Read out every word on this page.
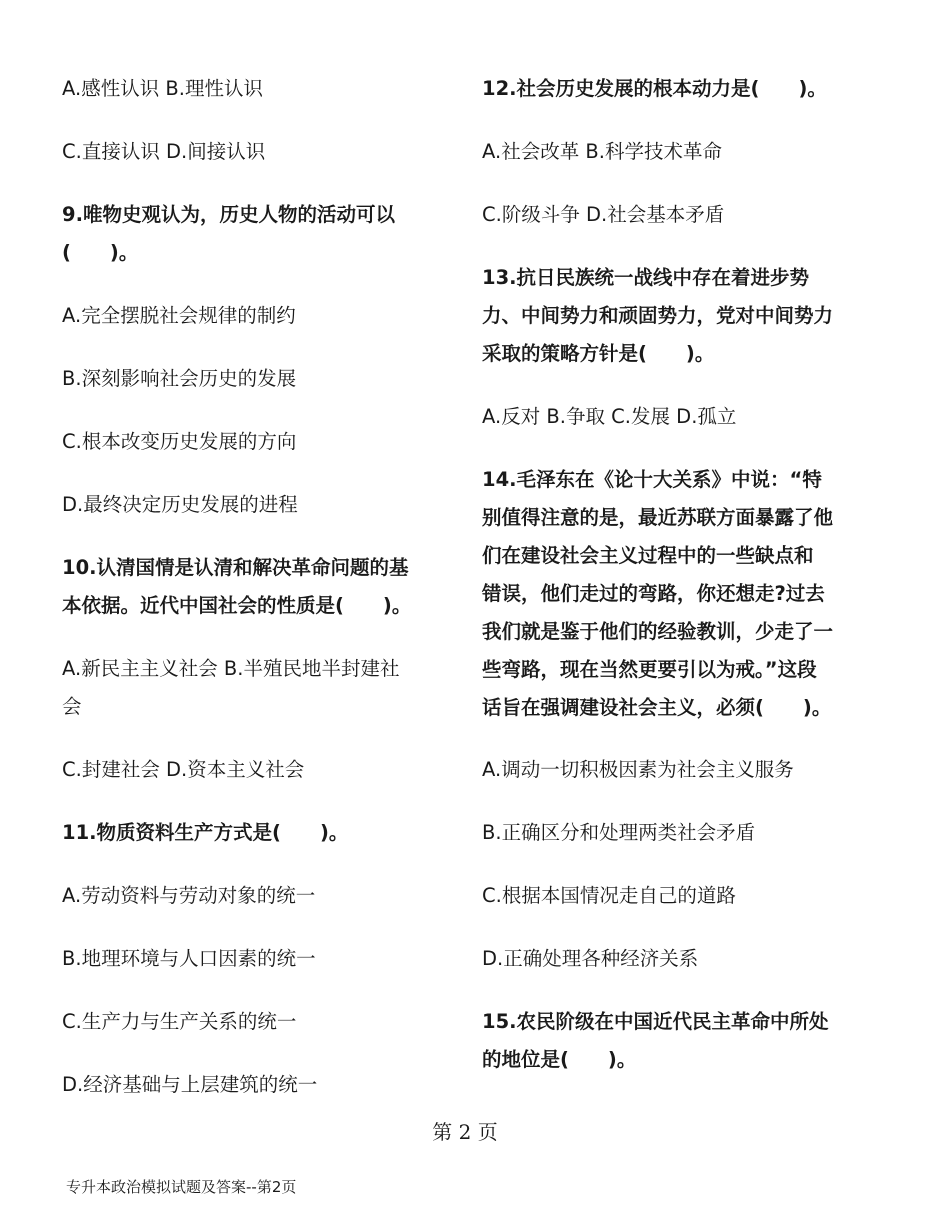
A.感性认识 B.理性认识
C.直接认识 D.间接认识
9.唯物史观认为，历史人物的活动可以
(　　)。
A.完全摆脱社会规律的制约
B.深刻影响社会历史的发展
C.根本改变历史发展的方向
D.最终决定历史发展的进程
10.认清国情是认清和解决革命问题的基
本依据。近代中国社会的性质是(　　)。
A.新民主主义社会 B.半殖民地半封建社
会
C.封建社会 D.资本主义社会
11.物质资料生产方式是(　　)。
A.劳动资料与劳动对象的统一
B.地理环境与人口因素的统一
C.生产力与生产关系的统一
D.经济基础与上层建筑的统一
12.社会历史发展的根本动力是(　　)。
A.社会改革 B.科学技术革命
C.阶级斗争 D.社会基本矛盾
13.抗日民族统一战线中存在着进步势
力、中间势力和顽固势力，党对中间势力
采取的策略方针是(　　)。
A.反对 B.争取 C.发展 D.孤立
14.毛泽东在《论十大关系》中说：“特
别值得注意的是，最近苏联方面暴露了他
们在建设社会主义过程中的一些缺点和
错误，他们走过的弯路，你还想走?过去
我们就是鉴于他们的经验教训，少走了一
些弯路，现在当然更要引以为戒。”这段
话旨在强调建设社会主义，必须(　　)。
A.调动一切积极因素为社会主义服务
B.正确区分和处理两类社会矛盾
C.根据本国情况走自己的道路
D.正确处理各种经济关系
15.农民阶级在中国近代民主革命中所处
的地位是(　　)。
第 2 页
专升本政治模拟试题及答案--第2页
